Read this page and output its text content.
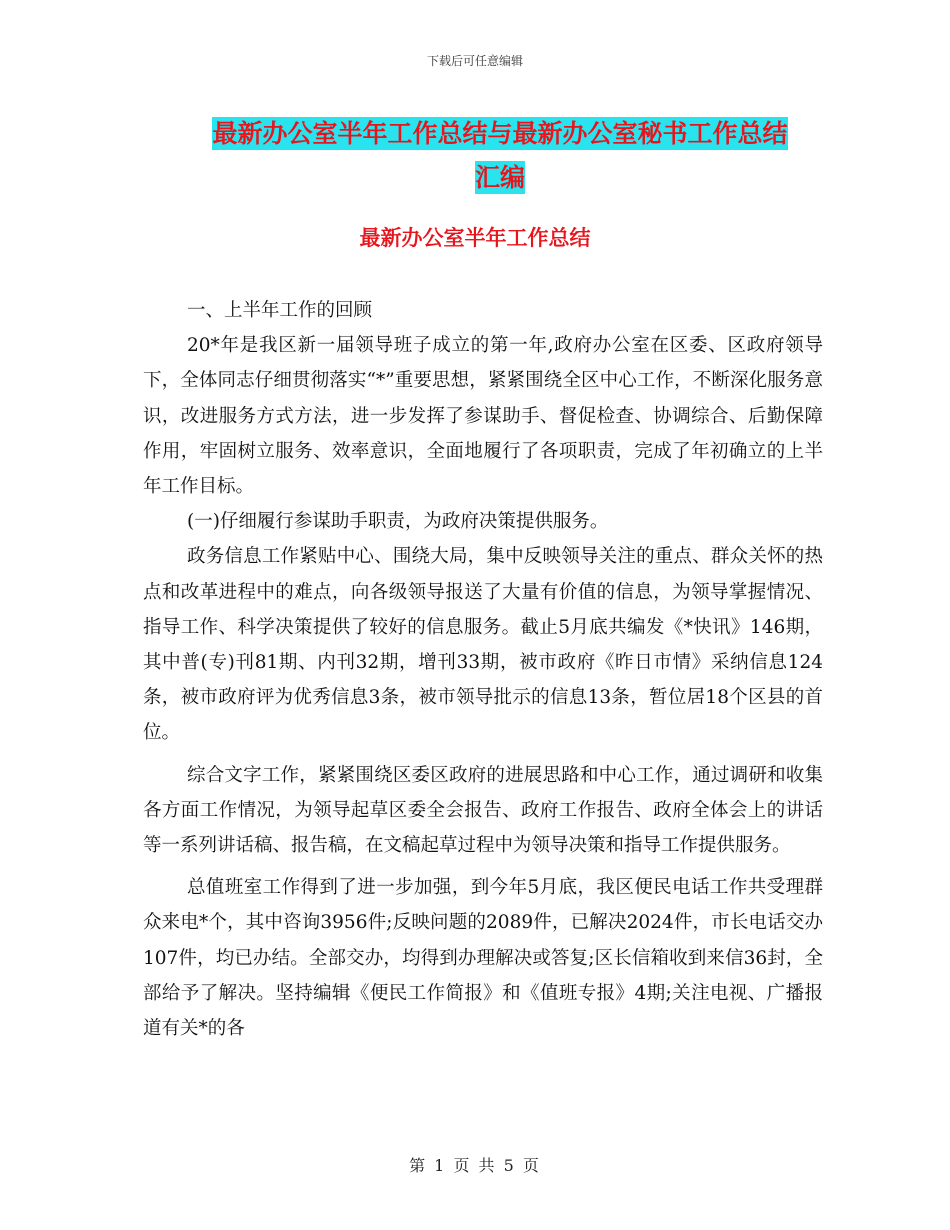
下载后可任意编辑
最新办公室半年工作总结与最新办公室秘书工作总结
汇编
最新办公室半年工作总结

一、上半年工作的回顾

20*年是我区新一届领导班子成立的第一年,政府办公室在区委、区政府领导下，全体同志仔细贯彻落实“*”重要思想，紧紧围绕全区中心工作，不断深化服务意识，改进服务方式方法，进一步发挥了参谋助手、督促检查、协调综合、后勤保障作用，牢固树立服务、效率意识，全面地履行了各项职责，完成了年初确立的上半年工作目标。

(一)仔细履行参谋助手职责，为政府决策提供服务。

政务信息工作紧贴中心、围绕大局，集中反映领导关注的重点、群众关怀的热点和改革进程中的难点，向各级领导报送了大量有价值的信息，为领导掌握情况、指导工作、科学决策提供了较好的信息服务。截止5月底共编发《*快讯》146期，其中普(专)刊81期、内刊32期，增刊33期，被市政府《昨日市情》采纳信息124条，被市政府评为优秀信息3条，被市领导批示的信息13条，暂位居18个区县的首位。

综合文字工作，紧紧围绕区委区政府的进展思路和中心工作，通过调研和收集各方面工作情况，为领导起草区委全会报告、政府工作报告、政府全体会上的讲话等一系列讲话稿、报告稿，在文稿起草过程中为领导决策和指导工作提供服务。

总值班室工作得到了进一步加强，到今年5月底，我区便民电话工作共受理群众来电*个，其中咨询3956件;反映问题的2089件，已解决2024件，市长电话交办107件，均已办结。全部交办，均得到办理解决或答复;区长信箱收到来信36封，全部给予了解决。坚持编辑《便民工作简报》和《值班专报》4期;关注电视、广播报道有关*的各

第 1 页 共 5 页
